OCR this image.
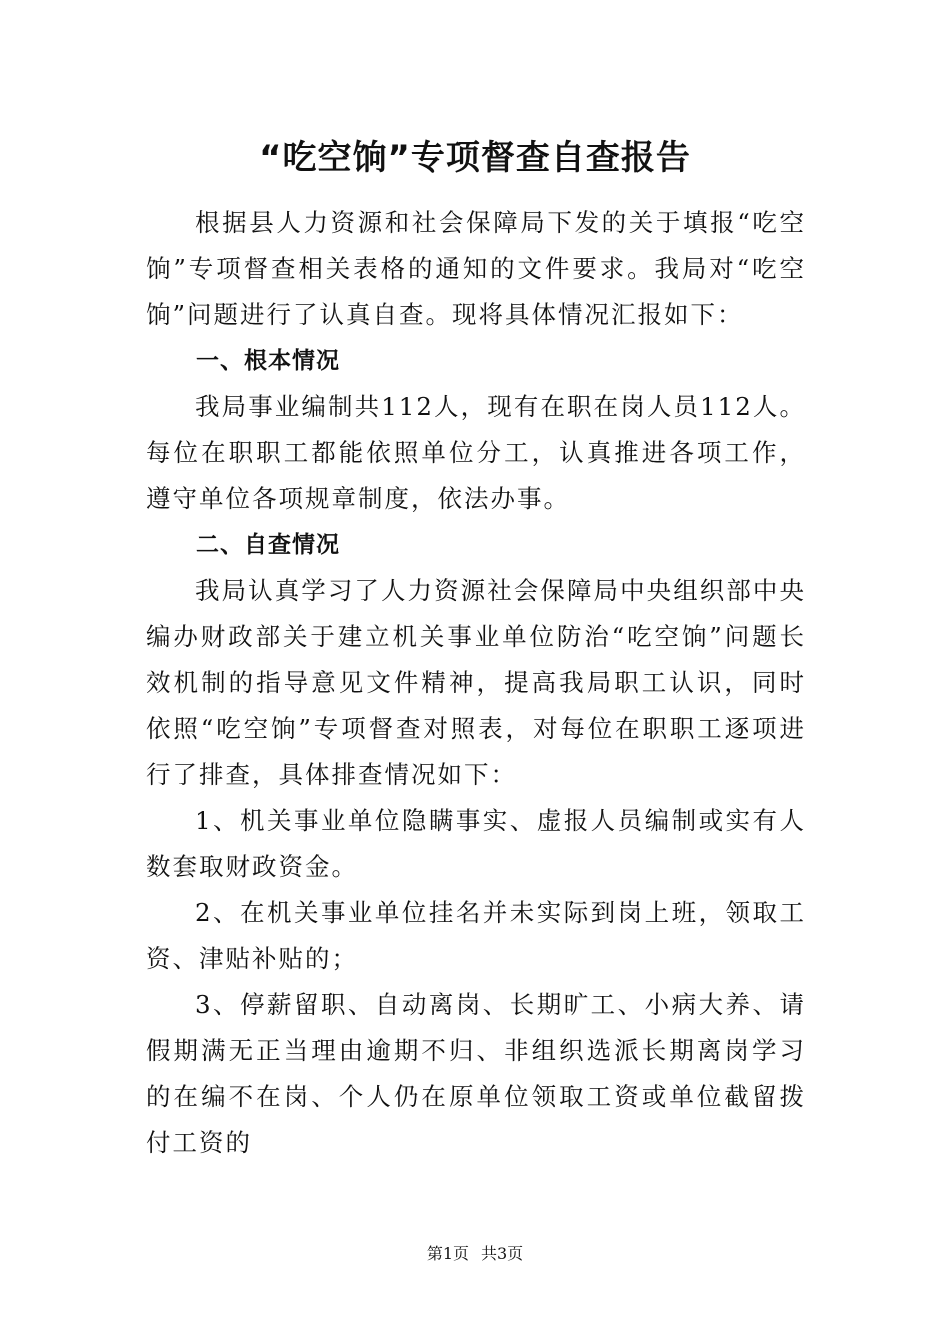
“吃空饷”专项督查自查报告

根据县人力资源和社会保障局下发的关于填报“吃空饷”专项督查相关表格的通知的文件要求。我局对“吃空饷”问题进行了认真自查。现将具体情况汇报如下：

一、根本情况

我局事业编制共112人，现有在职在岗人员112人。每位在职职工都能依照单位分工，认真推进各项工作，遵守单位各项规章制度，依法办事。

二、自查情况

我局认真学习了人力资源社会保障局中央组织部中央编办财政部关于建立机关事业单位防治“吃空饷”问题长效机制的指导意见文件精神，提高我局职工认识，同时依照“吃空饷”专项督查对照表，对每位在职职工逐项进行了排查，具体排查情况如下：

1、机关事业单位隐瞒事实、虚报人员编制或实有人数套取财政资金。

2、在机关事业单位挂名并未实际到岗上班，领取工资、津贴补贴的；

3、停薪留职、自动离岗、长期旷工、小病大养、请假期满无正当理由逾期不归、非组织选派长期离岗学习的在编不在岗、个人仍在原单位领取工资或单位截留拨付工资的

第1页 共3页
